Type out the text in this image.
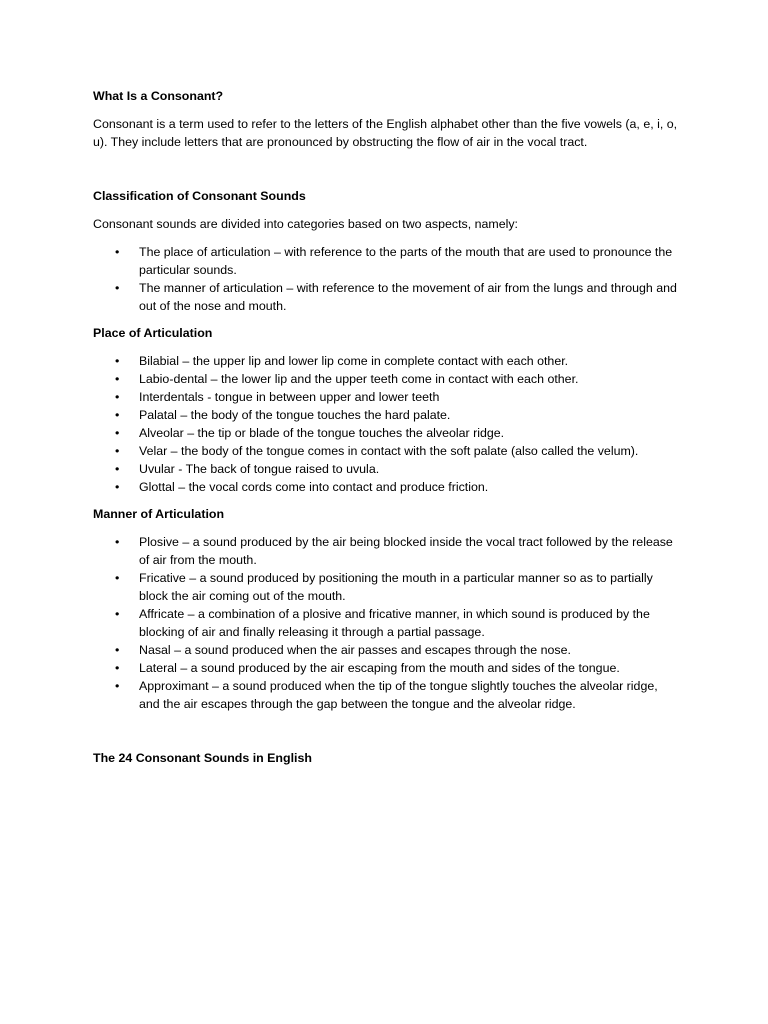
What Is a Consonant?

Consonant is a term used to refer to the letters of the English alphabet other than the five vowels (a, e, i, o, u). They include letters that are pronounced by obstructing the flow of air in the vocal tract.

Classification of Consonant Sounds

Consonant sounds are divided into categories based on two aspects, namely:

• The place of articulation – with reference to the parts of the mouth that are used to pronounce the particular sounds.
• The manner of articulation – with reference to the movement of air from the lungs and through and out of the nose and mouth.
Place of Articulation
• Bilabial – the upper lip and lower lip come in complete contact with each other.
• Labio-dental – the lower lip and the upper teeth come in contact with each other.
• Interdentals - tongue in between upper and lower teeth
• Palatal – the body of the tongue touches the hard palate.
• Alveolar – the tip or blade of the tongue touches the alveolar ridge.
• Velar – the body of the tongue comes in contact with the soft palate (also called the velum).
• Uvular - The back of tongue raised to uvula.
• Glottal – the vocal cords come into contact and produce friction.
Manner of Articulation
• Plosive – a sound produced by the air being blocked inside the vocal tract followed by the release of air from the mouth.
• Fricative – a sound produced by positioning the mouth in a particular manner so as to partially block the air coming out of the mouth.
• Affricate – a combination of a plosive and fricative manner, in which sound is produced by the blocking of air and finally releasing it through a partial passage.
• Nasal – a sound produced when the air passes and escapes through the nose.
• Lateral – a sound produced by the air escaping from the mouth and sides of the tongue.
• Approximant – a sound produced when the tip of the tongue slightly touches the alveolar ridge, and the air escapes through the gap between the tongue and the alveolar ridge.
The 24 Consonant Sounds in English
